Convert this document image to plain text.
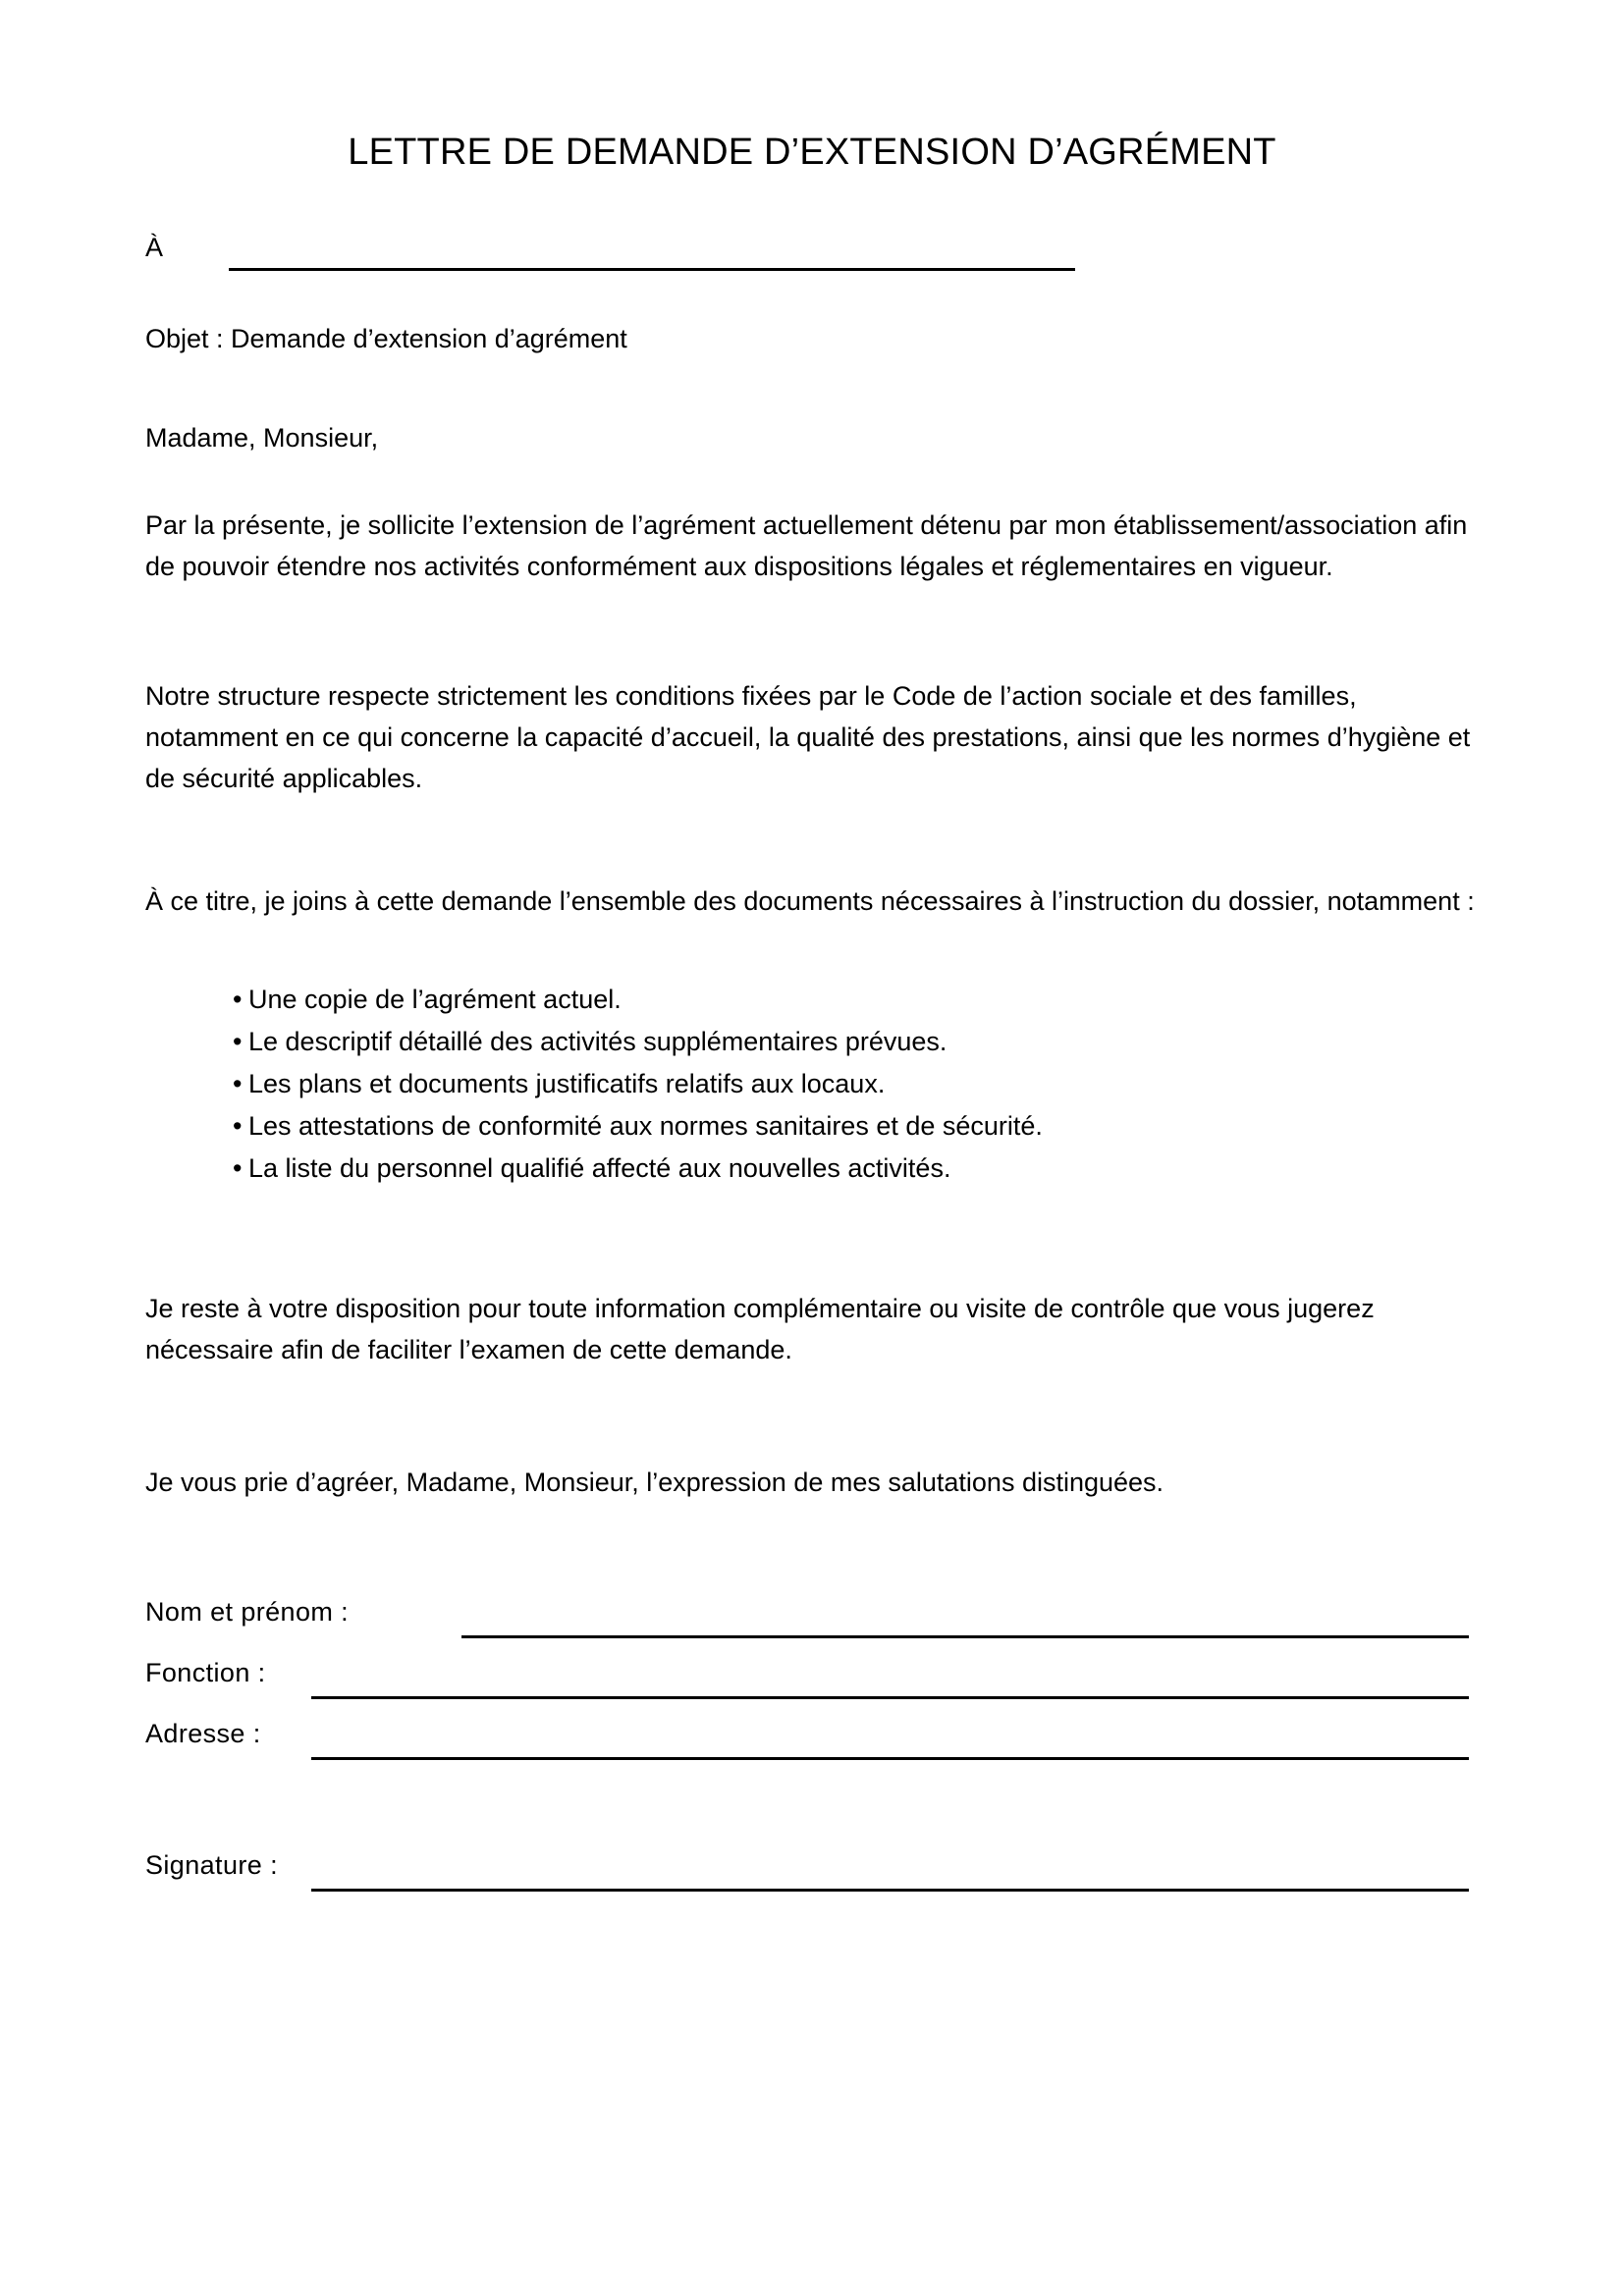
LETTRE DE DEMANDE D’EXTENSION D’AGRÉMENT
À

Objet : Demande d’extension d’agrément

Madame, Monsieur,

Par la présente, je sollicite l’extension de l’agrément actuellement détenu par mon établissement/association afin de pouvoir étendre nos activités conformément aux dispositions légales et réglementaires en vigueur.

Notre structure respecte strictement les conditions fixées par le Code de l’action sociale et des familles, notamment en ce qui concerne la capacité d’accueil, la qualité des prestations, ainsi que les normes d’hygiène et de sécurité applicables.

À ce titre, je joins à cette demande l’ensemble des documents nécessaires à l’instruction du dossier, notamment :

• Une copie de l’agrément actuel.
• Le descriptif détaillé des activités supplémentaires prévues.
• Les plans et documents justificatifs relatifs aux locaux.
• Les attestations de conformité aux normes sanitaires et de sécurité.
• La liste du personnel qualifié affecté aux nouvelles activités.

Je reste à votre disposition pour toute information complémentaire ou visite de contrôle que vous jugerez nécessaire afin de faciliter l’examen de cette demande.

Je vous prie d’agréer, Madame, Monsieur, l’expression de mes salutations distinguées.

Nom et prénom :
Fonction :
Adresse :
Signature :
